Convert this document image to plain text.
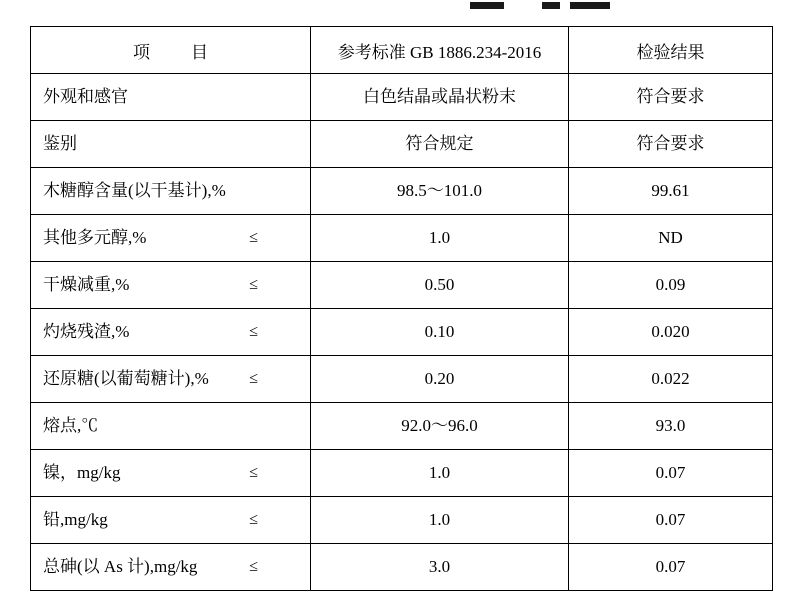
项　目	参考标准 GB 1886.234-2016	检验结果

外观和感官	白色结晶或晶状粉末	符合要求

鉴别	符合规定	符合要求

木糖醇含量(以干基计),%	98.5～101.0	99.61

其他多元醇,% ≤	1.0	ND

干燥减重,% ≤	0.50	0.09

灼烧残渣,% ≤	0.10	0.020

还原糖(以葡萄糖计),% ≤	0.20	0.022

熔点,℃	92.0～96.0	93.0

镍，mg/kg ≤	1.0	0.07

铅,mg/kg ≤	1.0	0.07

总砷(以 As 计),mg/kg ≤	3.0	0.07
